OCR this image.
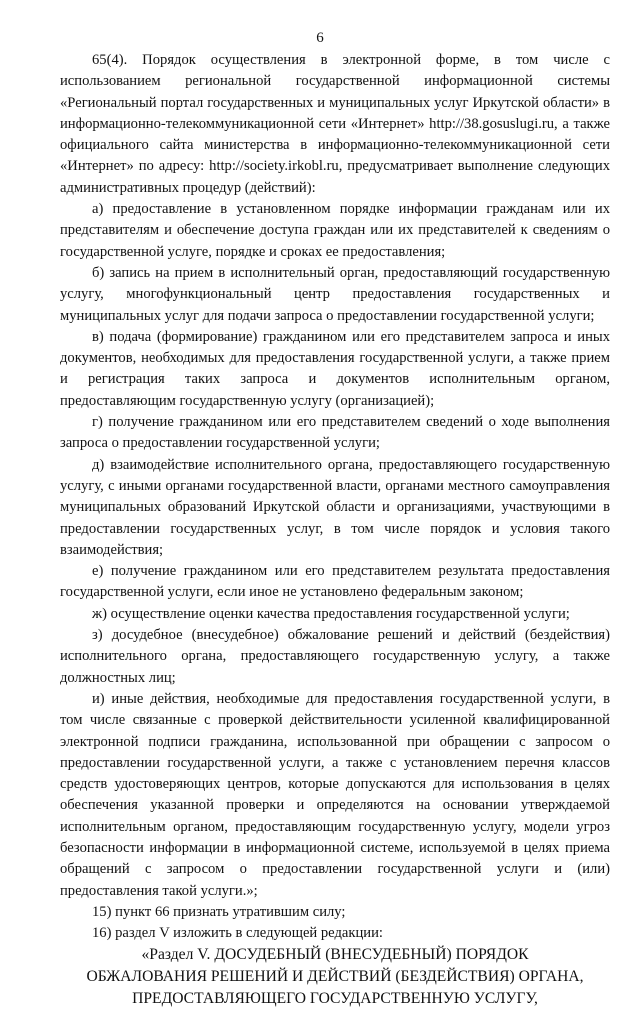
6

65(4). Порядок осуществления в электронной форме, в том числе с использованием региональной государственной информационной системы «Региональный портал государственных и муниципальных услуг Иркутской области» в информационно-телекоммуникационной сети «Интернет» http://38.gosuslugi.ru, а также официального сайта министерства в информационно-телекоммуникационной сети «Интернет» по адресу: http://society.irkobl.ru, предусматривает выполнение следующих административных процедур (действий):

а) предоставление в установленном порядке информации гражданам или их представителям и обеспечение доступа граждан или их представителей к сведениям о государственной услуге, порядке и сроках ее предоставления;

б) запись на прием в исполнительный орган, предоставляющий государственную услугу, многофункциональный центр предоставления государственных и муниципальных услуг для подачи запроса о предоставлении государственной услуги;

в) подача (формирование) гражданином или его представителем запроса и иных документов, необходимых для предоставления государственной услуги, а также прием и регистрация таких запроса и документов исполнительным органом, предоставляющим государственную услугу (организацией);

г) получение гражданином или его представителем сведений о ходе выполнения запроса о предоставлении государственной услуги;

д) взаимодействие исполнительного органа, предоставляющего государственную услугу, с иными органами государственной власти, органами местного самоуправления муниципальных образований Иркутской области и организациями, участвующими в предоставлении государственных услуг, в том числе порядок и условия такого взаимодействия;

е) получение гражданином или его представителем результата предоставления государственной услуги, если иное не установлено федеральным законом;

ж) осуществление оценки качества предоставления государственной услуги;

з) досудебное (внесудебное) обжалование решений и действий (бездействия) исполнительного органа, предоставляющего государственную услугу, а также должностных лиц;

и) иные действия, необходимые для предоставления государственной услуги, в том числе связанные с проверкой действительности усиленной квалифицированной электронной подписи гражданина, использованной при обращении с запросом о предоставлении государственной услуги, а также с установлением перечня классов средств удостоверяющих центров, которые допускаются для использования в целях обеспечения указанной проверки и определяются на основании утверждаемой исполнительным органом, предоставляющим государственную услугу, модели угроз безопасности информации в информационной системе, используемой в целях приема обращений с запросом о предоставлении государственной услуги и (или) предоставления такой услуги.»;

15) пункт 66 признать утратившим силу;

16) раздел V изложить в следующей редакции:

«Раздел V. ДОСУДЕБНЫЙ (ВНЕСУДЕБНЫЙ) ПОРЯДОК

ОБЖАЛОВАНИЯ РЕШЕНИЙ И ДЕЙСТВИЙ (БЕЗДЕЙСТВИЯ) ОРГАНА,

ПРЕДОСТАВЛЯЮЩЕГО ГОСУДАРСТВЕННУЮ УСЛУГУ,
